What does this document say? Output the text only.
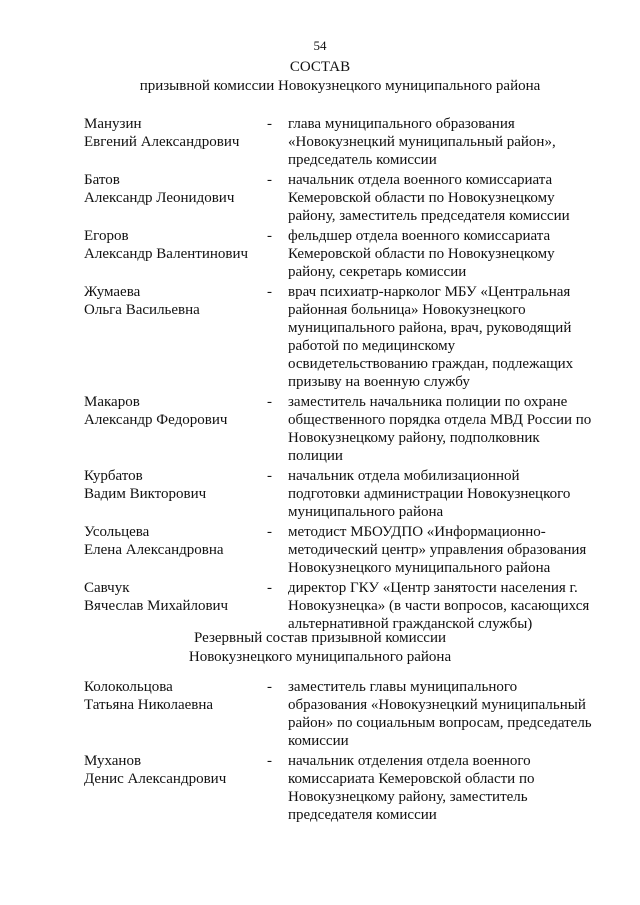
54
СОСТАВ
призывной комиссии Новокузнецкого муниципального района
Манузин
Евгений Александрович
- глава муниципального образования «Новокузнецкий муниципальный район», председатель комиссии
Батов
Александр Леонидович
- начальник отдела военного комиссариата Кемеровской области по Новокузнецкому району, заместитель председателя комиссии
Егоров
Александр Валентинович
- фельдшер отдела военного комиссариата Кемеровской области по Новокузнецкому району, секретарь комиссии
Жумаева
Ольга Васильевна
- врач психиатр-нарколог МБУ «Центральная районная больница» Новокузнецкого муниципального района, врач, руководящий работой по медицинскому освидетельствованию граждан, подлежащих призыву на военную службу
Макаров
Александр Федорович
- заместитель начальника полиции по охране общественного порядка отдела МВД России по Новокузнецкому району, подполковник полиции
Курбатов
Вадим Викторович
- начальник отдела мобилизационной подготовки администрации Новокузнецкого муниципального района
Усольцева
Елена Александровна
- методист МБОУДПО «Информационно-методический центр» управления образования Новокузнецкого муниципального района
Савчук
Вячеслав Михайлович
- директор ГКУ «Центр занятости населения г. Новокузнецка» (в части вопросов, касающихся альтернативной гражданской службы)
Резервный состав призывной комиссии
Новокузнецкого муниципального района
Колокольцова
Татьяна Николаевна
- заместитель главы муниципального образования «Новокузнецкий муниципальный район» по социальным вопросам, председатель комиссии
Муханов
Денис Александрович
- начальник отделения отдела военного комиссариата Кемеровской области по Новокузнецкому району, заместитель председателя комиссии
